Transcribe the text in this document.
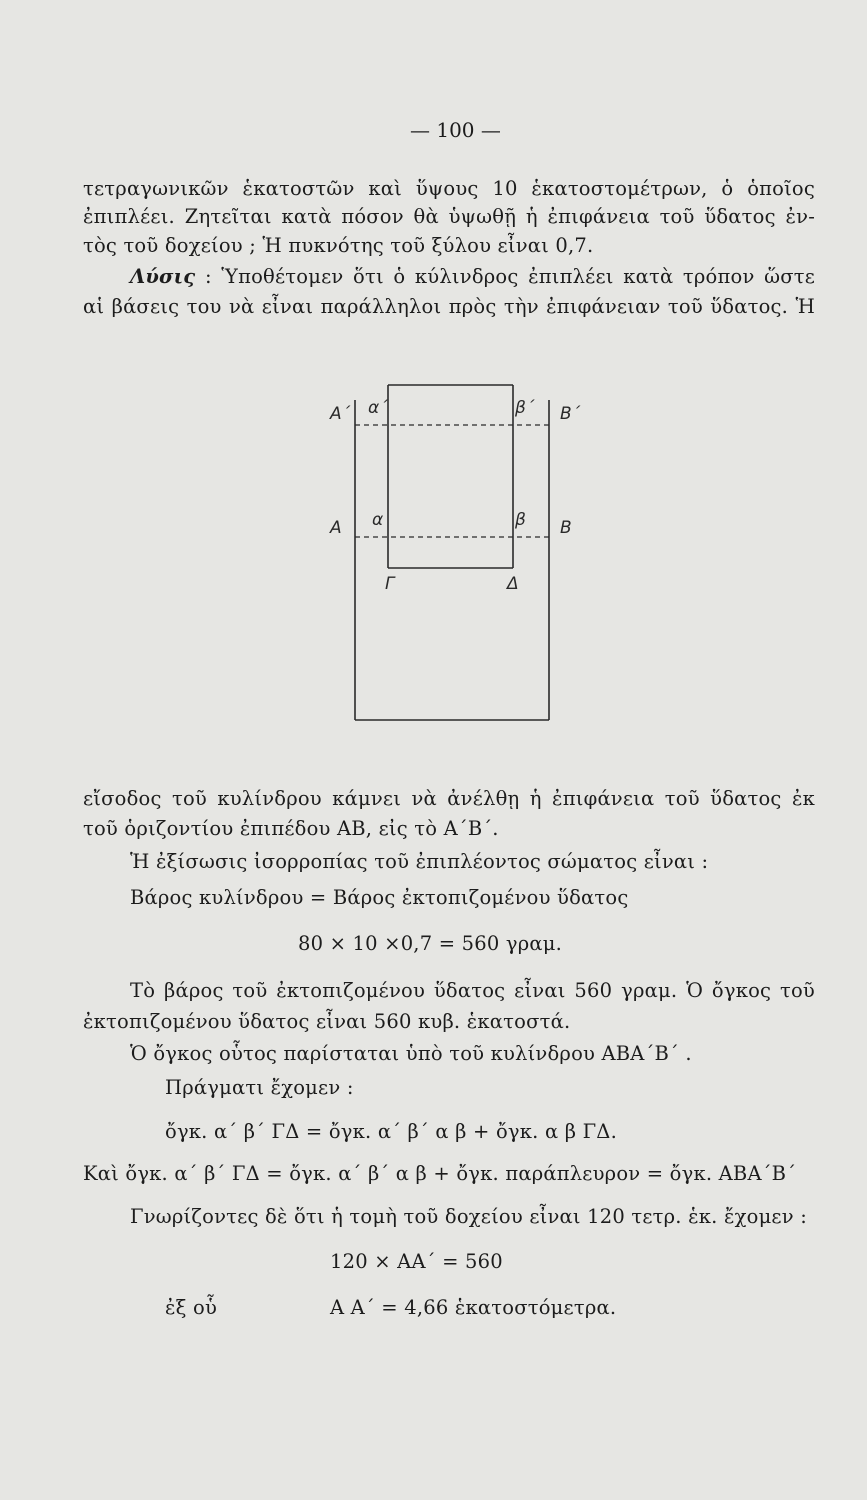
— 100 —
τετραγωνικῶν ἑκατοστῶν καὶ ὕψους 10 ἑκατοστομέτρων, ὁ ὁποῖος
ἐπιπλέει. Ζητεῖται κατὰ πόσον θὰ ὑψωθῇ ἡ ἐπιφάνεια τοῦ ὕδατος ἐν-
τὸς τοῦ δοχείου ; Ἡ πυκνότης τοῦ ξύλου εἶναι 0,7.
Λύσις : Ὑποθέτομεν ὅτι ὁ κύλινδρος ἐπιπλέει κατὰ τρόπον ὥστε
αἱ βάσεις του νὰ εἶναι παράλληλοι πρὸς τὴν ἐπιφάνειαν τοῦ ὕδατος. Ἡ
Α΄ α΄	β΄ Β΄
Α α	β Β
Γ	Δ
εἴσοδος τοῦ κυλίνδρου κάμνει νὰ ἀνέλθῃ ἡ ἐπιφάνεια τοῦ ὕδατος ἐκ
τοῦ ὁριζοντίου ἐπιπέδου ΑΒ, εἰς τὸ Α΄Β΄.
Ἡ ἐξίσωσις ἰσορροπίας τοῦ ἐπιπλέοντος σώματος εἶναι :
Βάρος κυλίνδρου = Βάρος ἐκτοπιζομένου ὕδατος
80 × 10 ×0,7 = 560 γραμ.
Τὸ βάρος τοῦ ἐκτοπιζομένου ὕδατος εἶναι 560 γραμ. Ὁ ὄγκος τοῦ
ἐκτοπιζομένου ὕδατος εἶναι 560 κυβ. ἑκατοστά.
Ὁ ὄγκος οὗτος παρίσταται ὑπὸ τοῦ κυλίνδρου ΑΒΑ΄Β΄ .
Πράγματι ἔχομεν :
ὄγκ. α΄ β΄ ΓΔ = ὄγκ. α΄ β΄ α β + ὄγκ. α β ΓΔ.
Καὶ ὄγκ. α΄ β΄ ΓΔ = ὄγκ. α΄ β΄ α β + ὄγκ. παράπλευρον = ὄγκ. ΑΒΑ΄Β΄
Γνωρίζοντες δὲ ὅτι ἡ τομὴ τοῦ δοχείου εἶναι 120 τετρ. ἑκ. ἔχομεν :
120 × ΑΑ΄ = 560
ἐξ οὗ	Α Α΄ = 4,66 ἑκατοστόμετρα.
